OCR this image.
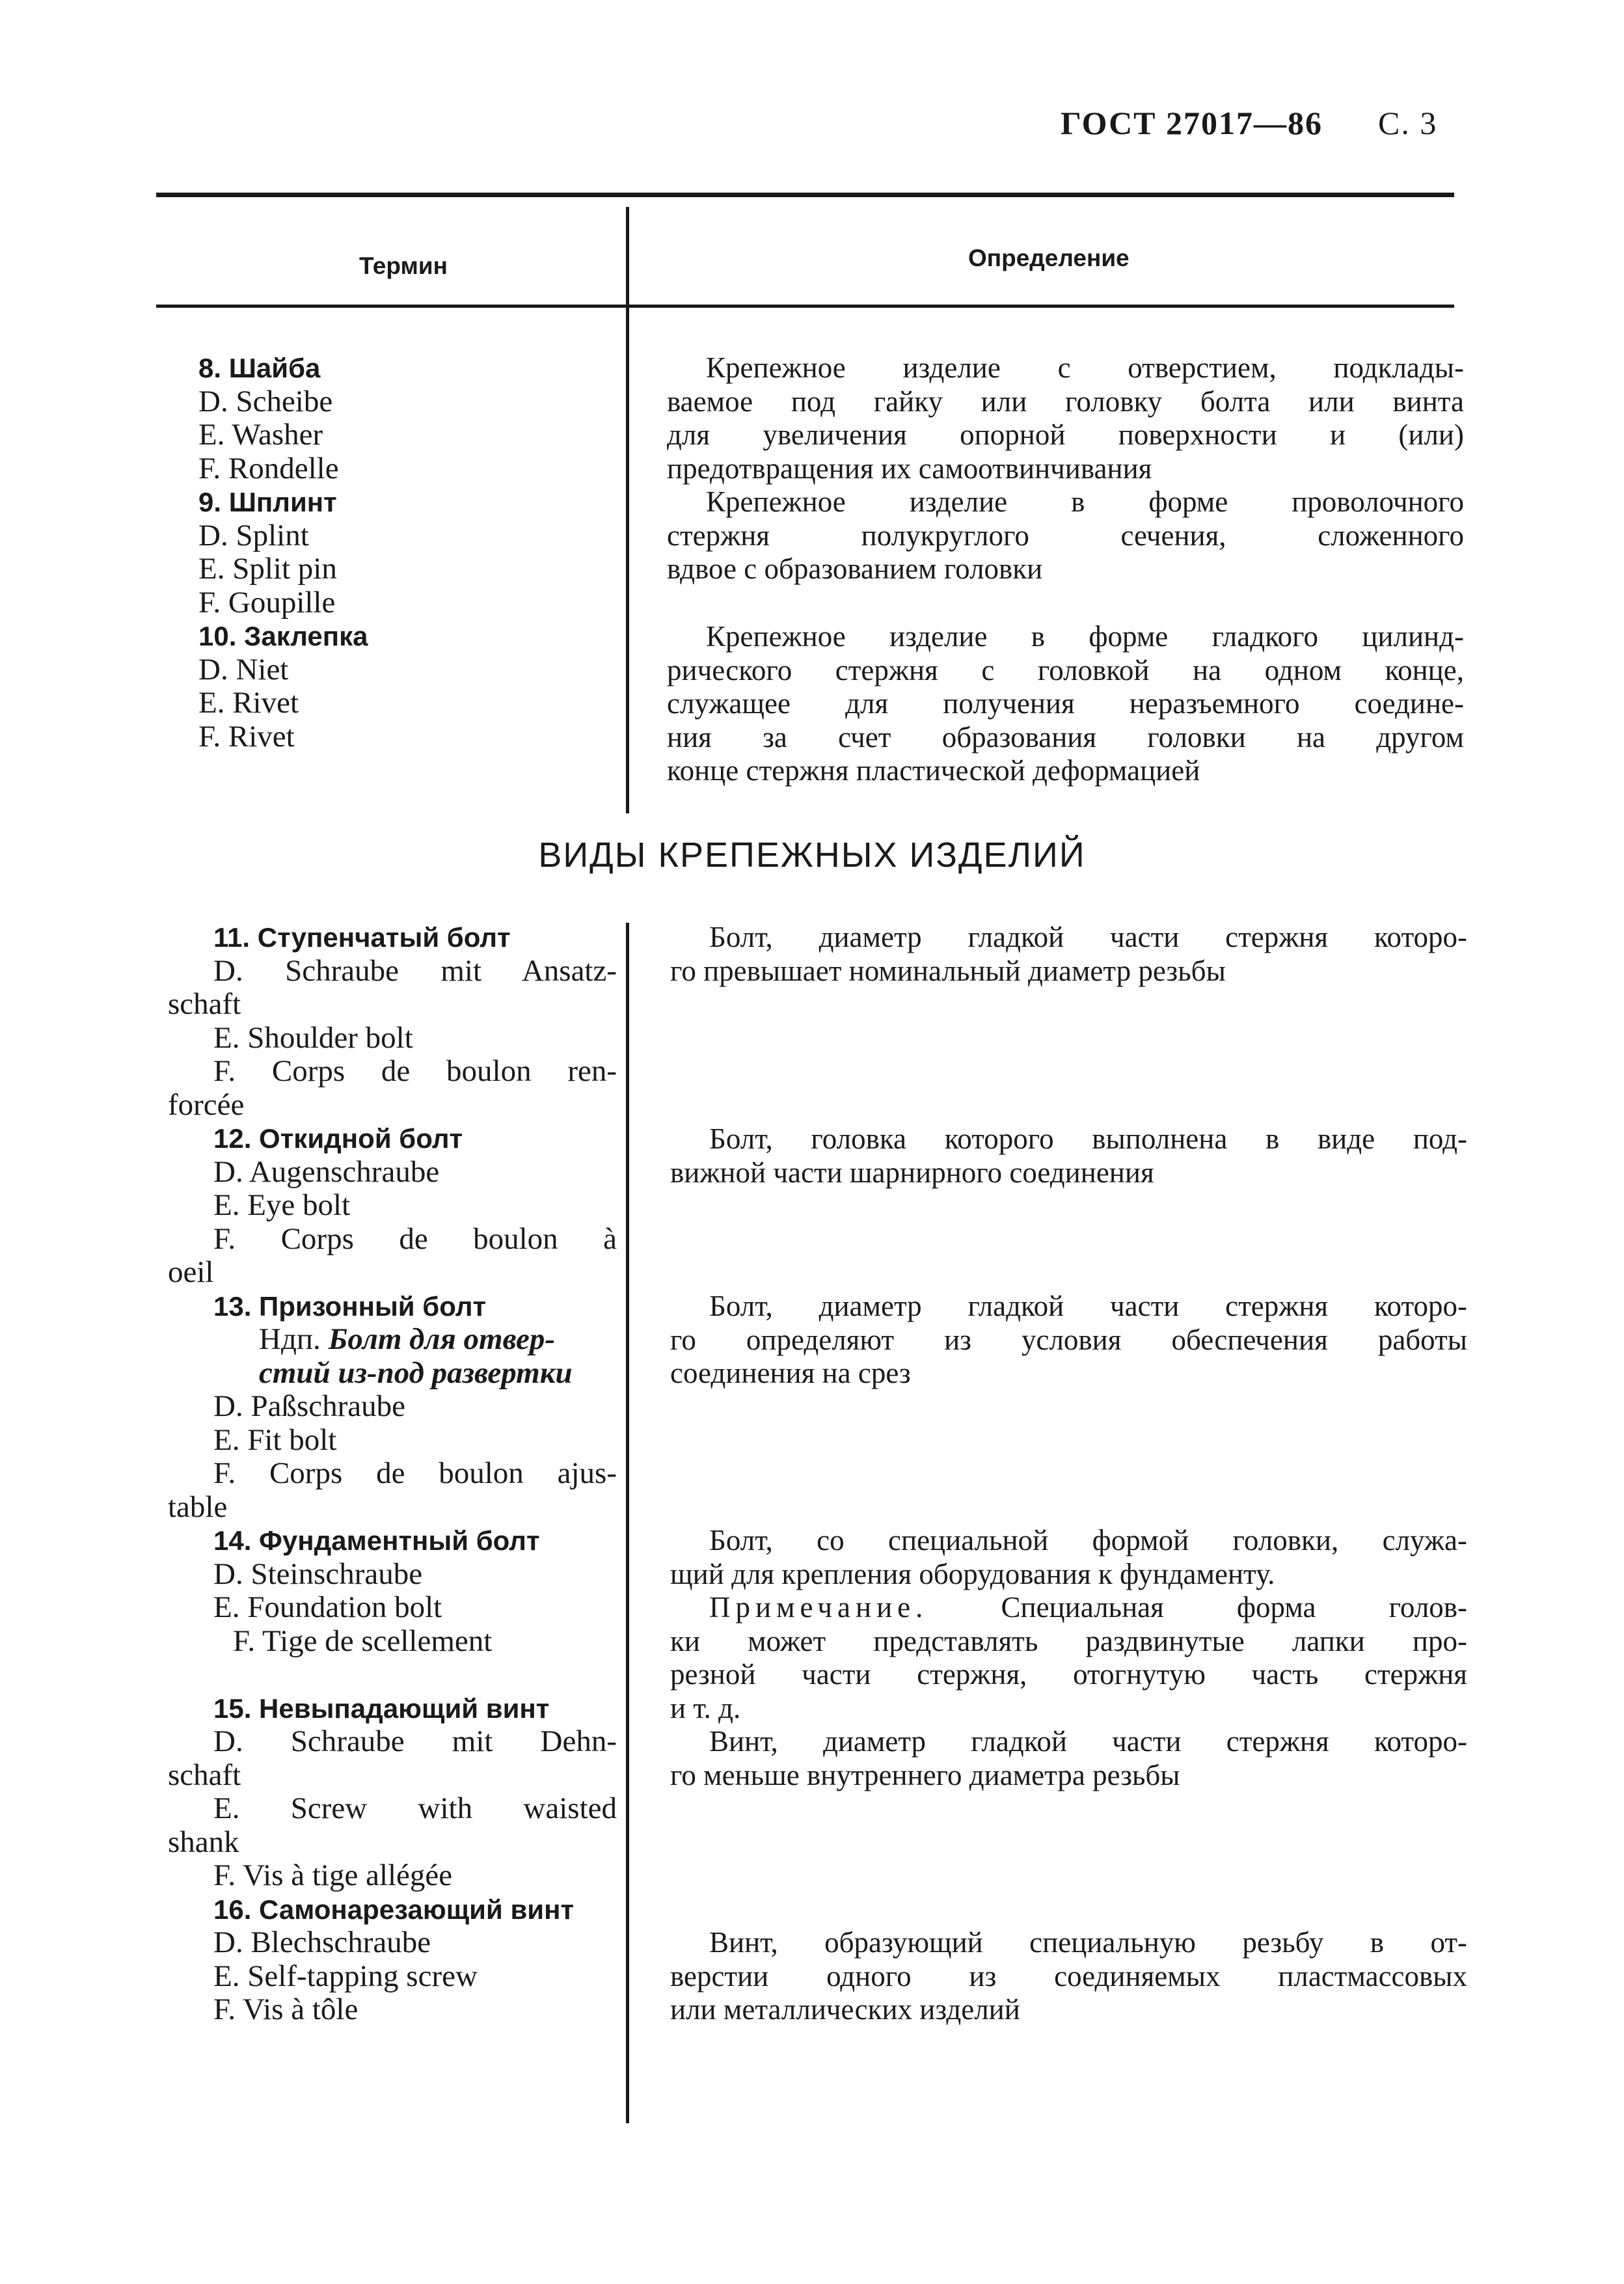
ГОСТ 27017—86 С. 3
Термин	Определение
8. Шайба
D. Scheibe
E. Washer
F. Rondelle
9. Шплинт
D. Splint
E. Split pin
F. Goupille
10. Заклепка
D. Niet
E. Rivet
F. Rivet
Крепежное изделие с отверстием, подклады-
ваемое под гайку или головку болта или винта
для увеличения опорной поверхности и (или)
предотвращения их самоотвинчивания
Крепежное изделие в форме проволочного
стержня полукруглого сечения, сложенного
вдвое с образованием головки
Крепежное изделие в форме гладкого цилинд-
рического стержня с головкой на одном конце,
служащее для получения неразъемного соедине-
ния за счет образования головки на другом
конце стержня пластической деформацией
ВИДЫ КРЕПЕЖНЫХ ИЗДЕЛИЙ
11. Ступенчатый болт
D. Schraube mit Ansatz-
schaft
E. Shoulder bolt
F. Corps de boulon ren-
forcée
12. Откидной болт
D. Augenschraube
E. Eye bolt
F. Corps de boulon à
oeil
13. Призонный болт
Ндп. Болт для отвер-
стий из-под развертки
D. Paßschraube
E. Fit bolt
F. Corps de boulon ajus-
table
14. Фундаментный болт
D. Steinschraube
E. Foundation bolt
F. Tige de scellement

15. Невыпадающий винт
D. Schraube mit Dehn-
schaft
E. Screw with waisted
shank
F. Vis à tige allégée
16. Самонарезающий винт
D. Blechschraube
E. Self-tapping screw
F. Vis à tôle
Болт, диаметр гладкой части стержня которо-
го превышает номинальный диаметр резьбы
Болт, головка которого выполнена в виде под-
вижной части шарнирного соединения
Болт, диаметр гладкой части стержня которо-
го определяют из условия обеспечения работы
соединения на срез
Болт, со специальной формой головки, служа-
щий для крепления оборудования к фундаменту.
Примечание. Специальная форма голов-
ки может представлять раздвинутые лапки про-
резной части стержня, отогнутую часть стержня
и т. д.
Винт, диаметр гладкой части стержня которо-
го меньше внутреннего диаметра резьбы
Винт, образующий специальную резьбу в от-
верстии одного из соединяемых пластмассовых
или металлических изделий
